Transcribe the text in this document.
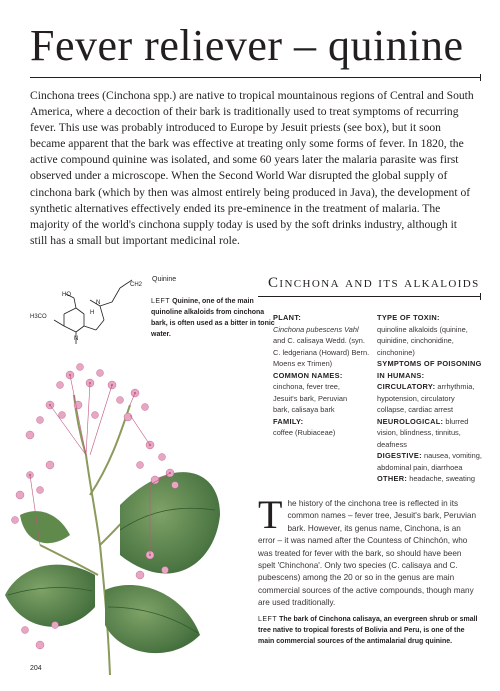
Fever reliever – quinine

Cinchona trees (Cinchona spp.) are native to tropical mountainous regions of Central and South America, where a decoction of their bark is traditionally used to treat symptoms of recurring fever. This use was probably introduced to Europe by Jesuit priests (see box), but it soon became apparent that the bark was effective at treating only some forms of fever. In 1820, the active compound quinine was isolated, and some 60 years later the malaria parasite was first observed under a microscope. When the Second World War disrupted the global supply of cinchona bark (which by then was almost entirely being produced in Java), the development of synthetic alternatives effectively ended its pre-eminence in the treatment of malaria. The majority of the world's cinchona supply today is used by the soft drinks industry, although it still has a small but important medicinal role.

Quinine
CH2
HO
N
H
H3CO
N
LEFT Quinine, one of the main quinoline alkaloids from cinchona bark, is often used as a bitter in tonic water.
Cinchona and its alkaloids
PLANT:
Cinchona pubescens Vahl
and C. calisaya Wedd. (syn.
C. ledgeriana (Howard) Bern.
Moens ex Trimen)
COMMON NAMES:
cinchona, fever tree,
Jesuit's bark, Peruvian
bark, calisaya bark
FAMILY:
coffee (Rubiaceae)
TYPE OF TOXIN:
quinoline alkaloids (quinine,
quinidine, cinchonidine,
cinchonine)
SYMPTOMS OF POISONING
IN HUMANS:
CIRCULATORY: arrhythmia,
hypotension, circulatory
collapse, cardiac arrest
NEUROLOGICAL: blurred
vision, blindness, tinnitus,
deafness
DIGESTIVE: nausea, vomiting,
abdominal pain, diarrhoea
OTHER: headache, sweating
T he history of the cinchona tree is reflected in its common names – fever tree, Jesuit's bark, Peruvian bark. However, its genus name, Cinchona, is an error – it was named after the Countess of Chinchón, who was treated for fever with the bark, so should have been spelt 'Chinchona'. Only two species (C. calisaya and C. pubescens) among the 20 or so in the genus are main commercial sources of the active compounds, though many are used traditionally.
LEFT The bark of Cinchona calisaya, an evergreen shrub or small tree native to tropical forests of Bolivia and Peru, is one of the main commercial sources of the antimalarial drug quinine.
204
